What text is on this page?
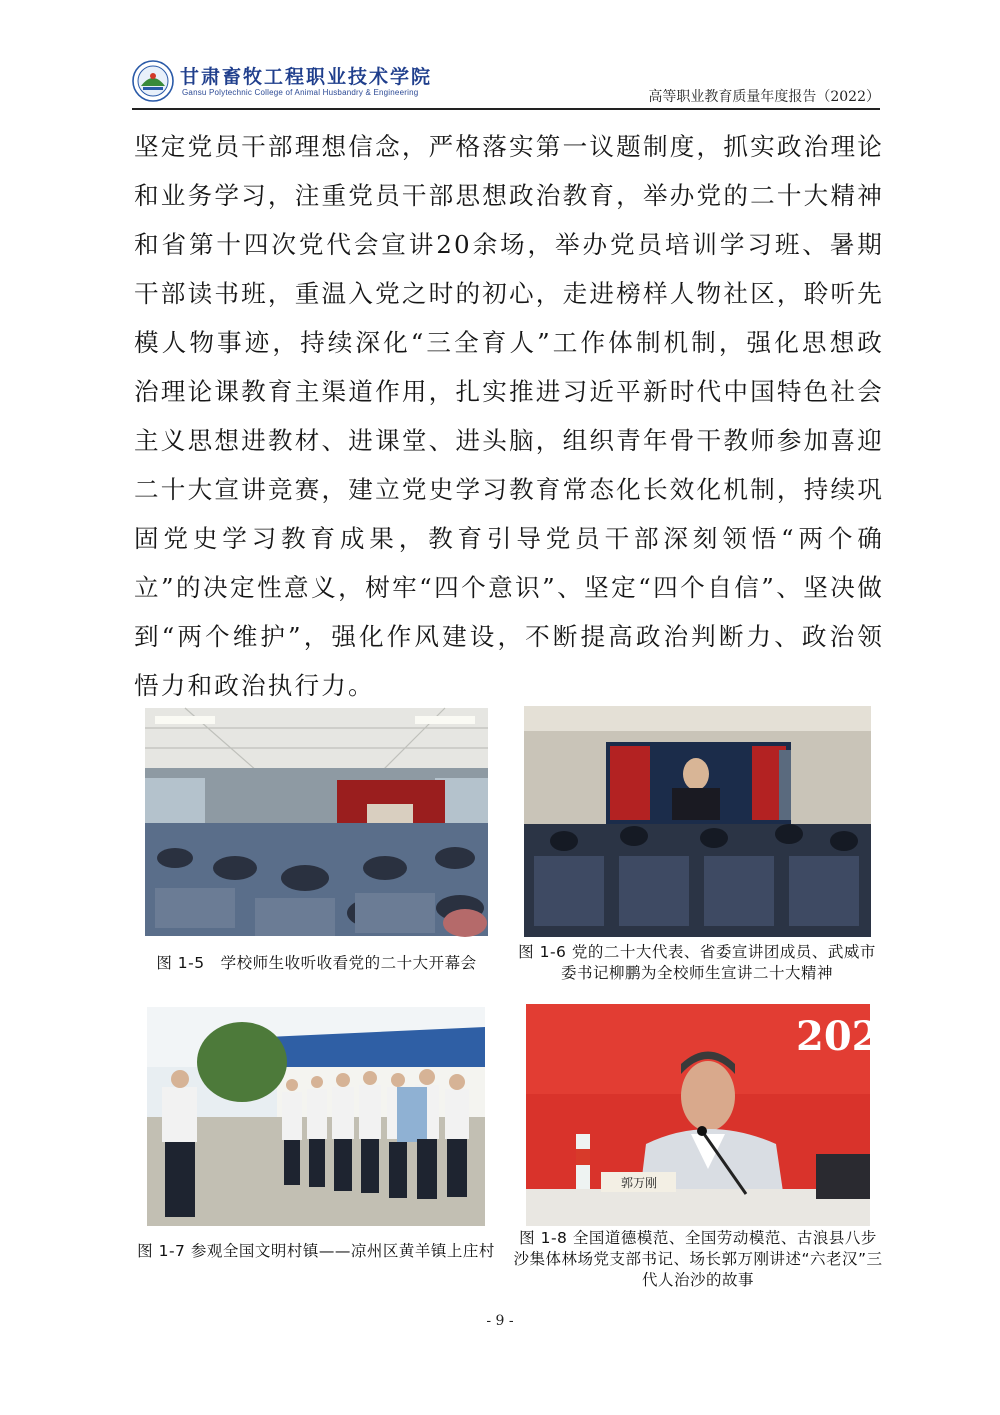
甘肃畜牧工程职业技术学院
Gansu Polytechnic College of Animal Husbandry & Engineering	高等职业教育质量年度报告（2022）

坚定党员干部理想信念，严格落实第一议题制度，抓实政治理论和业务学习，注重党员干部思想政治教育，举办党的二十大精神和省第十四次党代会宣讲20余场，举办党员培训学习班、暑期干部读书班，重温入党之时的初心，走进榜样人物社区，聆听先模人物事迹，持续深化“三全育人”工作体制机制，强化思想政治理论课教育主渠道作用，扎实推进习近平新时代中国特色社会主义思想进教材、进课堂、进头脑，组织青年骨干教师参加喜迎二十大宣讲竞赛，建立党史学习教育常态化长效化机制，持续巩固党史学习教育成果，教育引导党员干部深刻领悟“两个确立”的决定性意义，树牢“四个意识”、坚定“四个自信”、坚决做到“两个维护”，强化作风建设，不断提高政治判断力、政治领悟力和政治执行力。

图 1-5　学校师生收听收看党的二十大开幕会
图 1-6 党的二十大代表、省委宣讲团成员、武威市委书记柳鹏为全校师生宣讲二十大精神
图 1-7 参观全国文明村镇——凉州区黄羊镇上庄村
202
郭万刚
图 1-8 全国道德模范、全国劳动模范、古浪县八步沙集体林场党支部书记、场长郭万刚讲述“六老汉”三代人治沙的故事
- 9 -
